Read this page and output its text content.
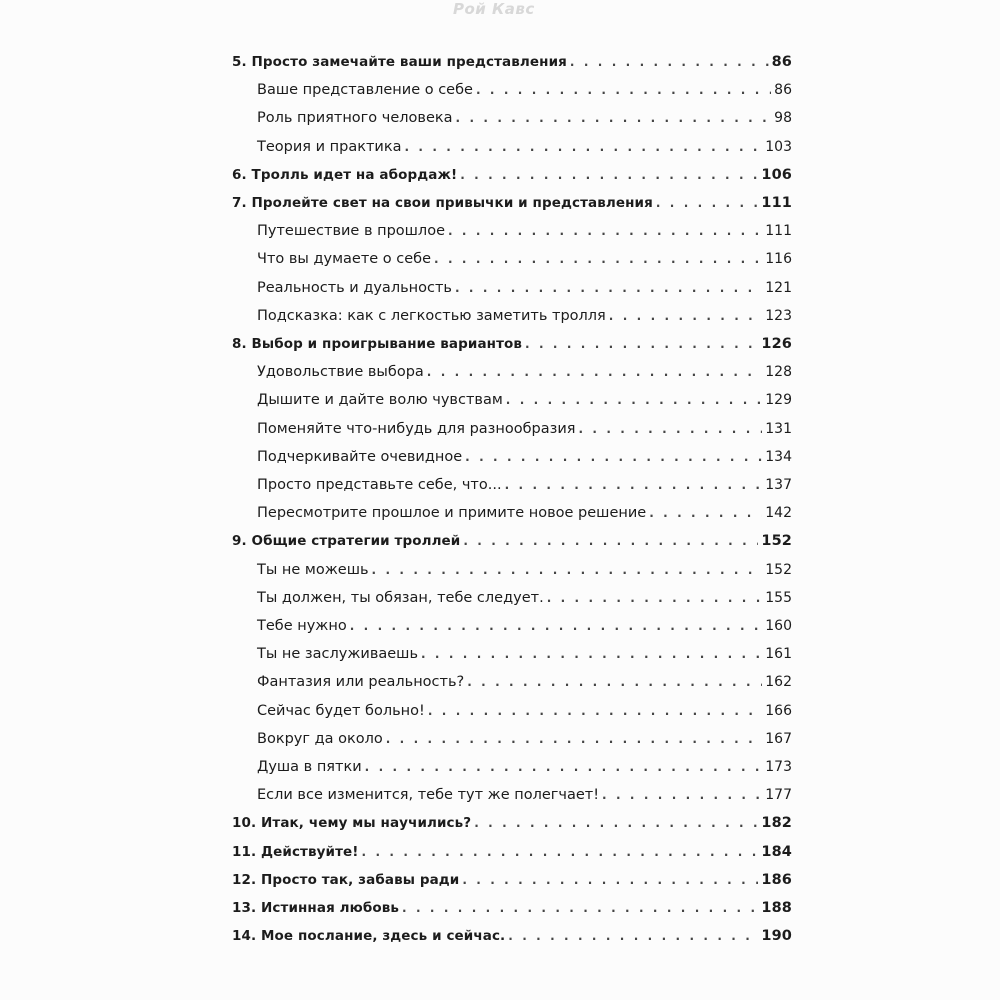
Рой Кавс
5. Просто замечайте ваши представления . . .	86
Ваше представление о себе . . .	86
Роль приятного человека . . .	98
Теория и практика . . .	103
6. Тролль идет на абордаж! . . .	106
7. Пролейте свет на свои привычки и представления . . .	111
Путешествие в прошлое . . .	111
Что вы думаете о себе . . .	116
Реальность и дуальность . . .	121
Подсказка: как с легкостью заметить тролля . . .	123
8. Выбор и проигрывание вариантов . . .	126
Удовольствие выбора . . .	128
Дышите и дайте волю чувствам . . .	129
Поменяйте что-нибудь для разнообразия . . .	131
Подчеркивайте очевидное . . .	134
Просто представьте себе, что... . . .	137
Пересмотрите прошлое и примите новое решение . . .	142
9. Общие стратегии троллей . . .	152
Ты не можешь . . .	152
Ты должен, ты обязан, тебе следует. . . .	155
Тебе нужно . . .	160
Ты не заслуживаешь . . .	161
Фантазия или реальность? . . .	162
Сейчас будет больно! . . .	166
Вокруг да около . . .	167
Душа в пятки . . .	173
Если все изменится, тебе тут же полегчает! . . .	177
10. Итак, чему мы научились? . . .	182
11. Действуйте! . . .	184
12. Просто так, забавы ради . . .	186
13. Истинная любовь . . .	188
14. Мое послание, здесь и сейчас. . . .	190
